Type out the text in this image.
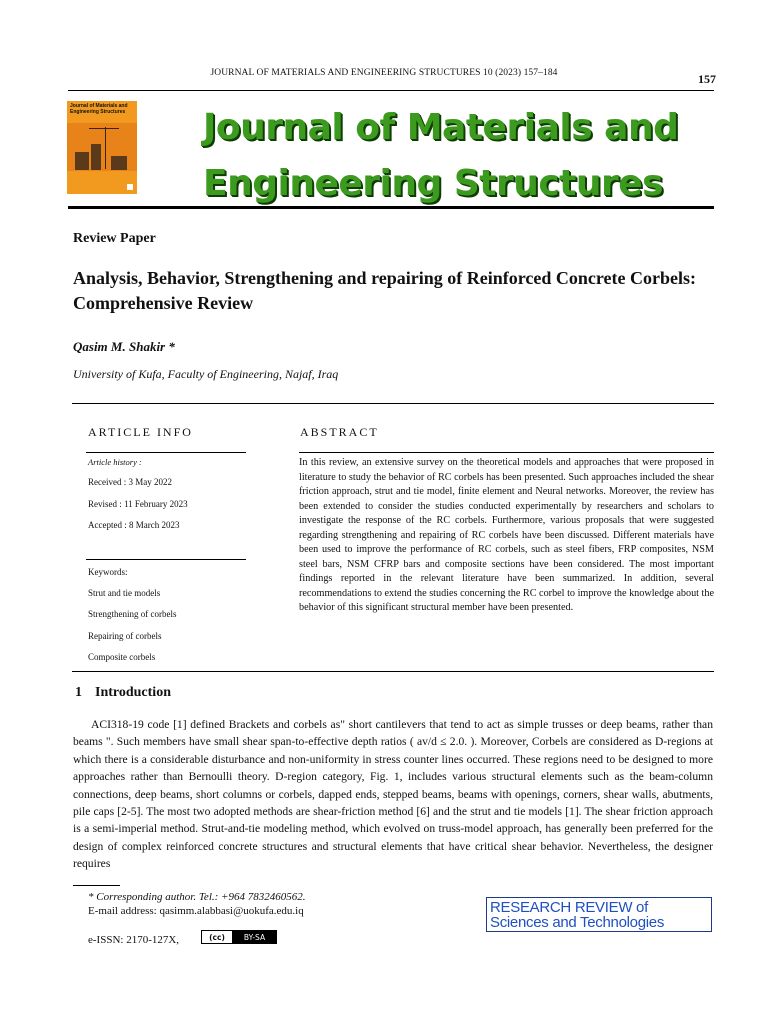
JOURNAL OF MATERIALS AND ENGINEERING STRUCTURES 10 (2023) 157–184	157
Journal of Materials and Engineering Structures Journal of Materials and
Engineering Structures
Review Paper
Analysis, Behavior, Strengthening and repairing of Reinforced Concrete Corbels: Comprehensive Review
Qasim M. Shakir *
University of Kufa, Faculty of Engineering, Najaf, Iraq
ARTICLE INFO	ABSTRACT
Article history :
Received : 3 May 2022
Revised : 11 February 2023
Accepted : 8 March 2023
Keywords:
Strut and tie models
Strengthening of corbels
Repairing of corbels
Composite corbels
In this review, an extensive survey on the theoretical models and approaches that were proposed in literature to study the behavior of RC corbels has been presented. Such approaches included the shear friction approach, strut and tie model, finite element and Neural networks. Moreover, the review has been extended to consider the studies conducted experimentally by researchers and scholars to investigate the response of the RC corbels. Furthermore, various proposals that were suggested regarding strengthening and repairing of RC corbels have been discussed. Different materials have been used to improve the performance of RC corbels, such as steel fibers, FRP composites, NSM steel bars, NSM CFRP bars and composite sections have been considered. The most important findings reported in the relevant literature have been summarized. In addition, several recommendations to extend the studies concerning the RC corbel to improve the knowledge about the behavior of this significant structural member have been presented.
1 Introduction
ACI318-19 code [1] defined Brackets and corbels as" short cantilevers that tend to act as simple trusses or deep beams, rather than beams ". Such members have small shear span-to-effective depth ratios ( av/d ≤ 2.0. ). Moreover, Corbels are considered as D-regions at which there is a considerable disturbance and non-uniformity in stress counter lines occurred. These regions need to be designed to more approaches rather than Bernoulli theory. D-region category, Fig. 1, includes various structural elements such as the beam-column connections, deep beams, short columns or corbels, dapped ends, stepped beams, beams with openings, corners, shear walls, abutments, pile caps [2-5]. The most two adopted methods are shear-friction method [6] and the strut and tie models [1]. The shear friction approach is a semi-imperial method. Strut-and-tie modeling method, which evolved on truss-model approach, has generally been preferred for the design of complex reinforced concrete structures and structural elements that have critical shear behavior. Nevertheless, the designer requires
* Corresponding author. Tel.: +964 7832460562.
E-mail address: qasimm.alabbasi@uokufa.edu.iq
e-ISSN: 2170-127X,	(cc)	BY-SA
RESEARCH REVIEW of
Sciences and Technologies
